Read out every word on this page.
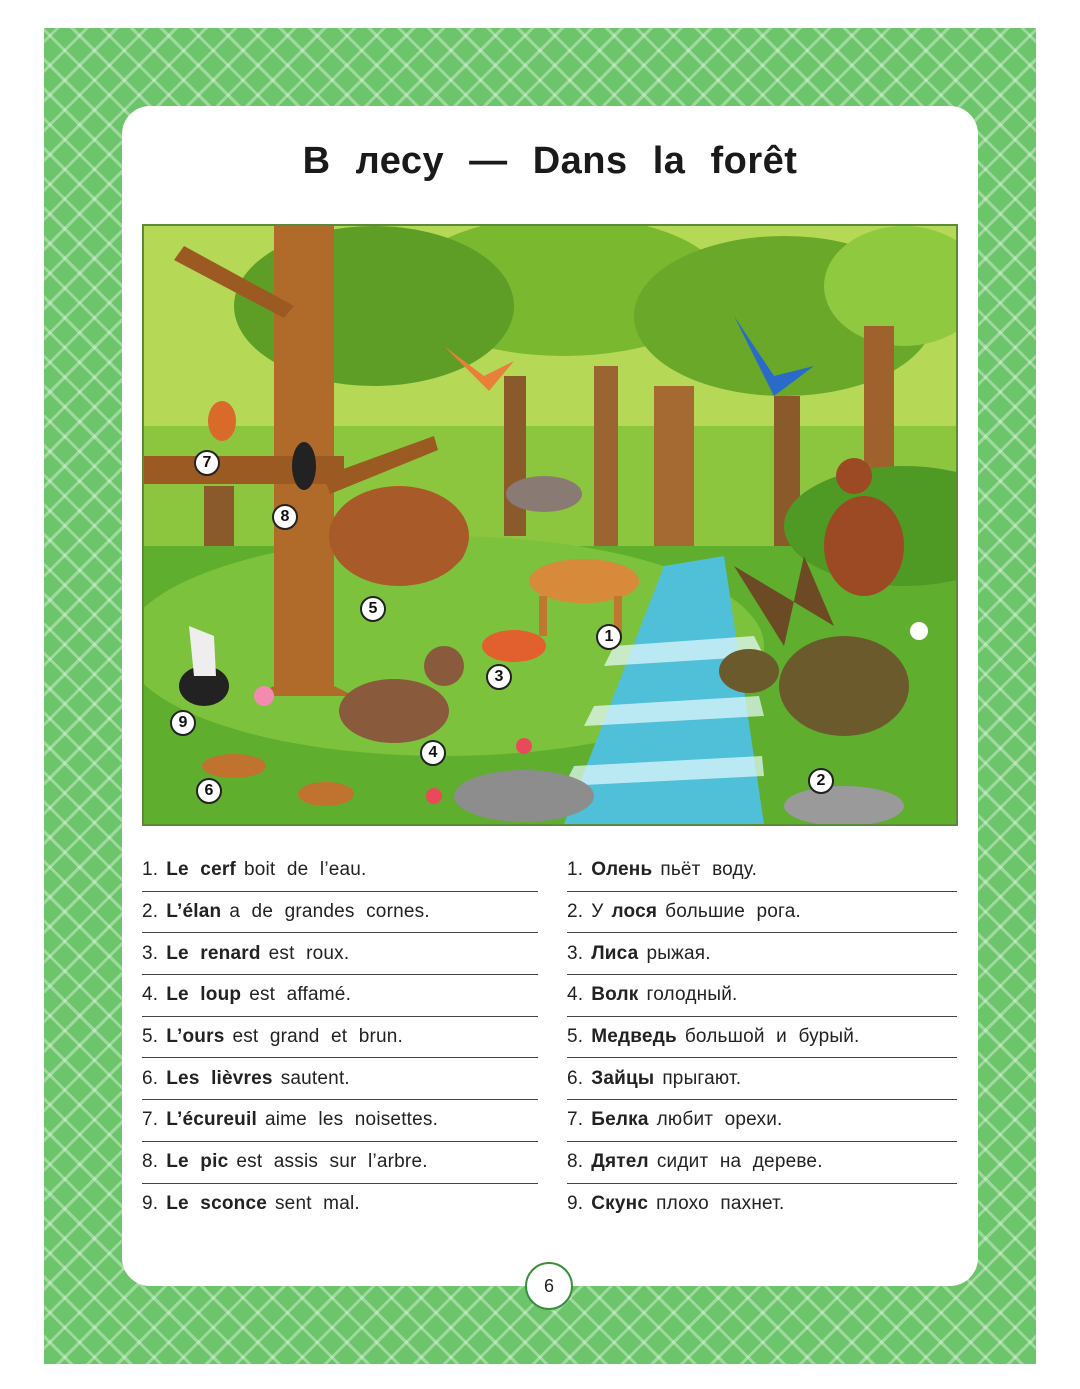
В лесу — Dans la forêt
1
2
3
4
5
6
7
8
9
1. Le cerf boit de l’eau.
2. L’élan a de grandes cornes.
3. Le renard est roux.
4. Le loup est affamé.
5. L’ours est grand et brun.
6. Les lièvres sautent.
7. L’écureuil aime les noisettes.
8. Le pic est assis sur l’arbre.
9. Le sconce sent mal.
1. Олень пьёт воду.
2. У лося большие рога.
3. Лиса рыжая.
4. Волк голодный.
5. Медведь большой и бурый.
6. Зайцы прыгают.
7. Белка любит орехи.
8. Дятел сидит на дереве.
9. Скунс плохо пахнет.
6
